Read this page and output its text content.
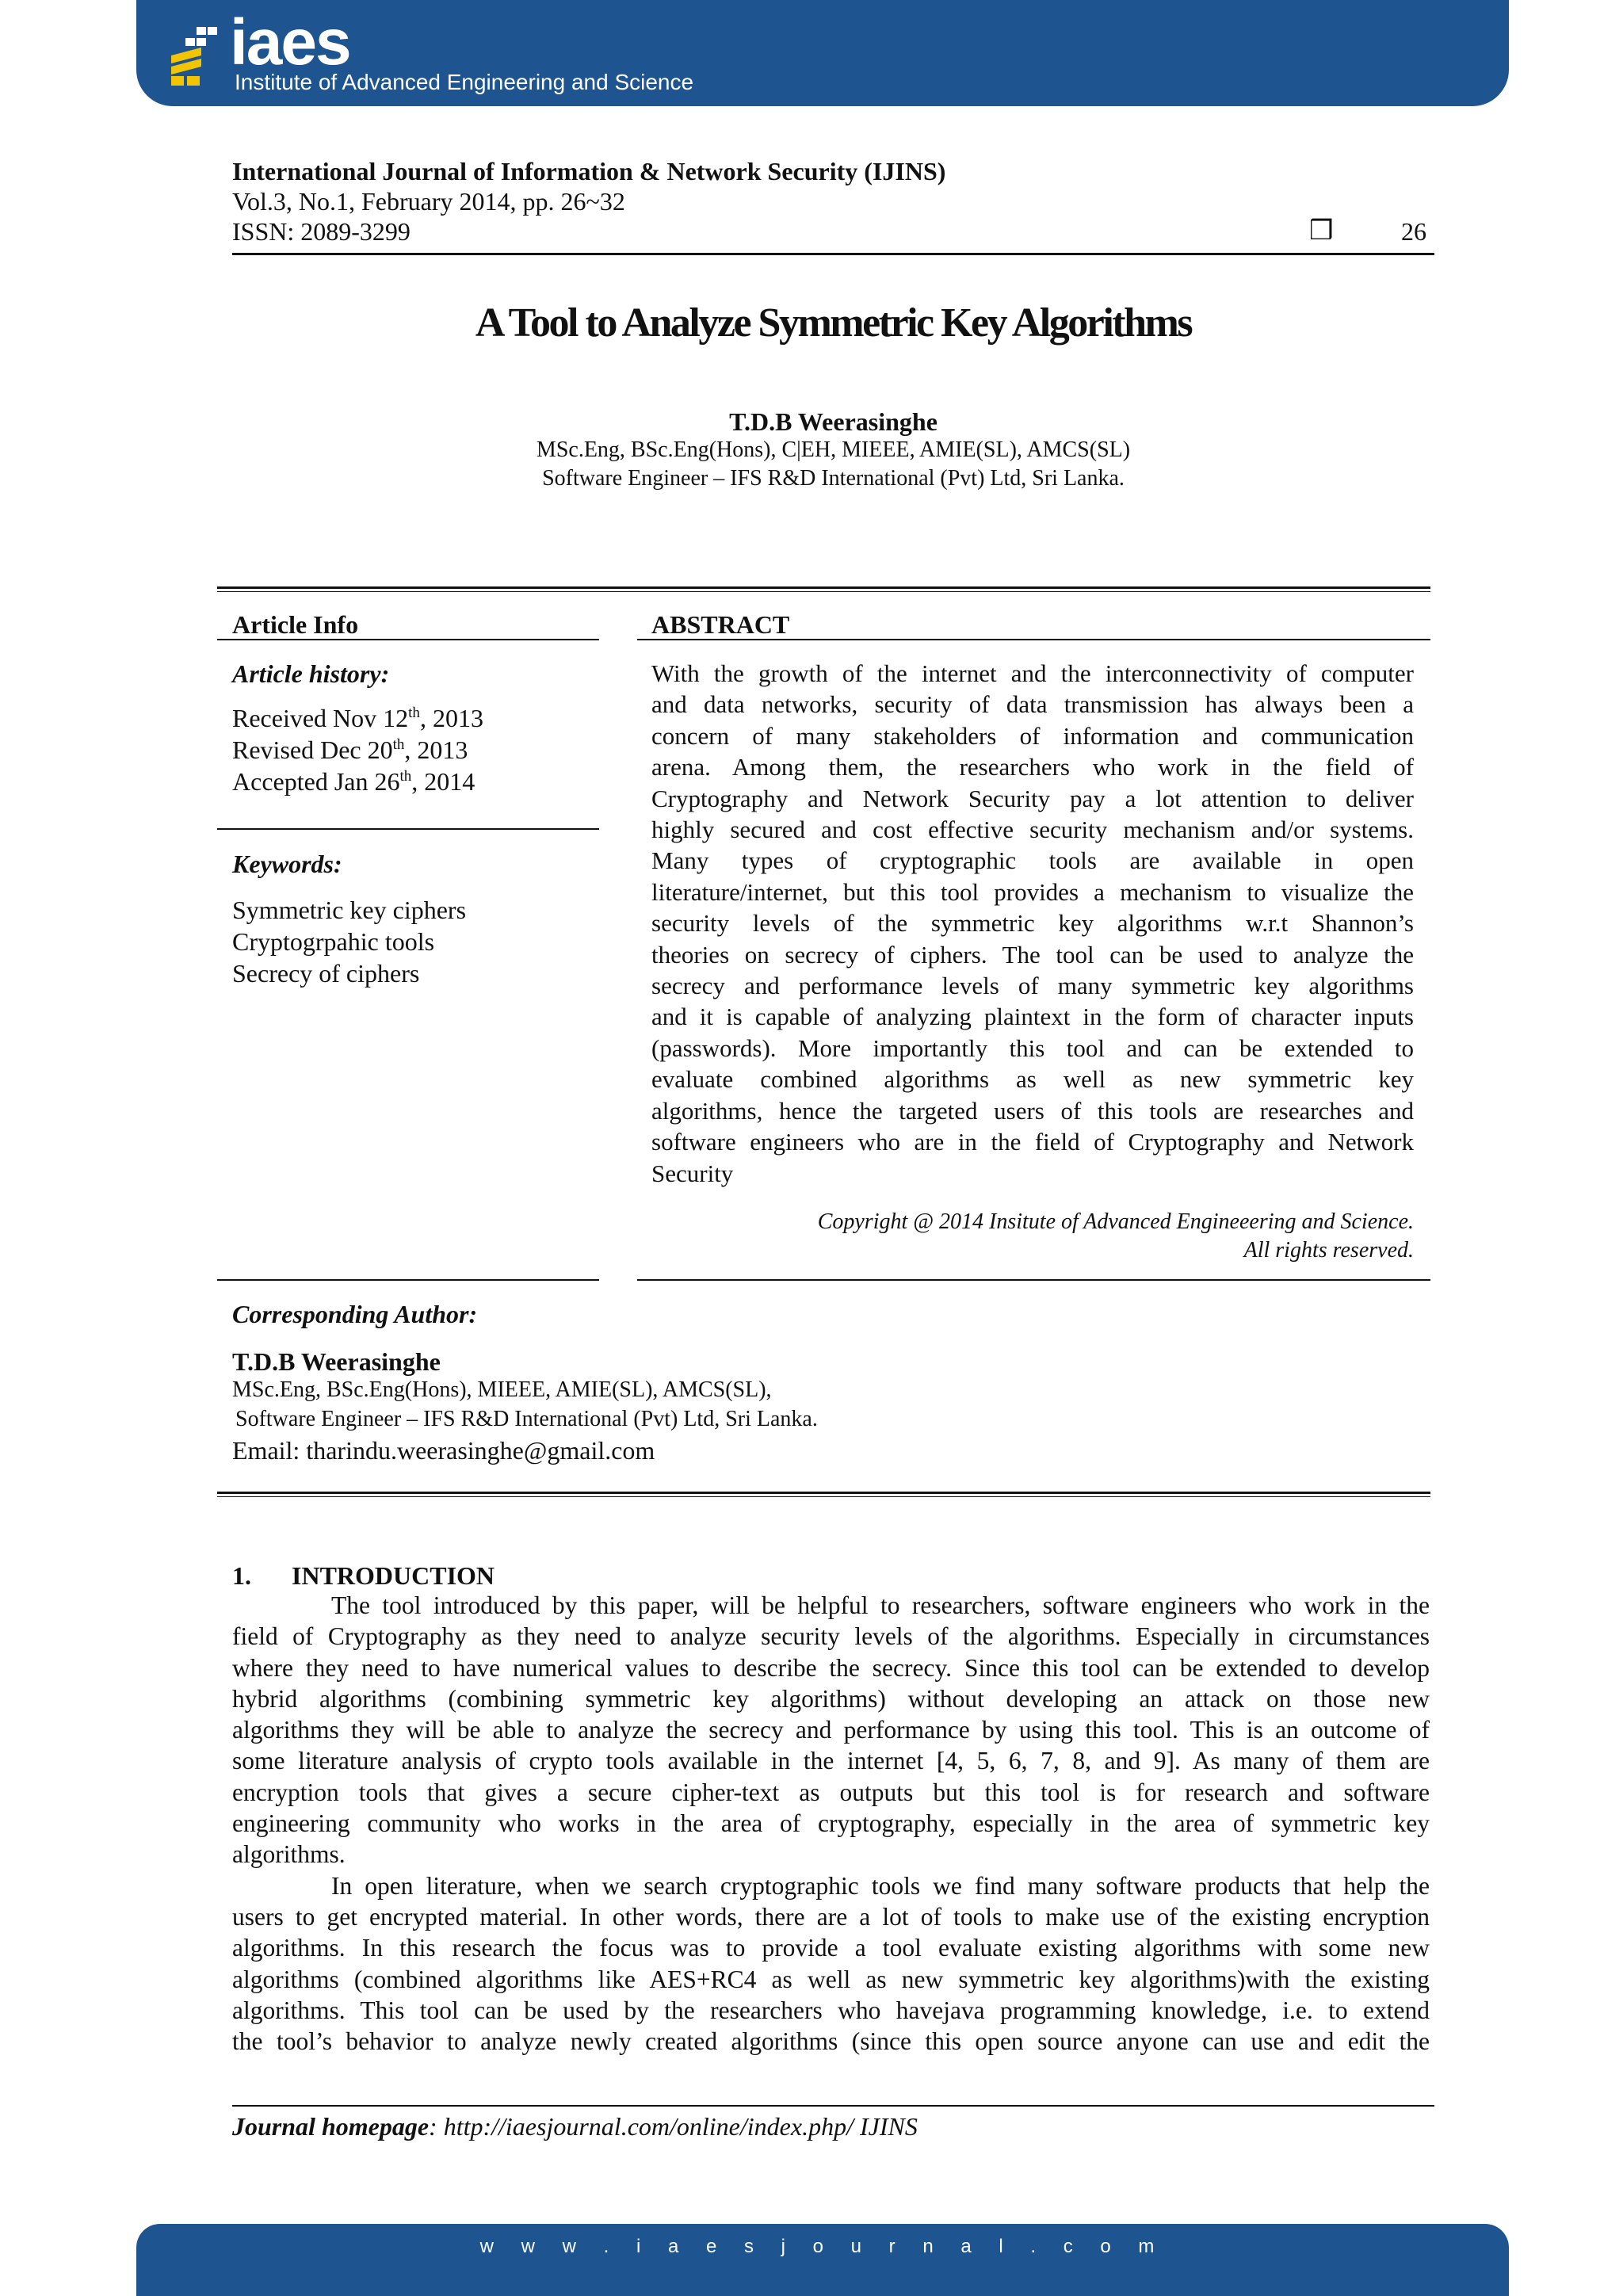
iaes
Institute of Advanced Engineering and Science
International Journal of Information & Network Security (IJINS)
Vol.3, No.1, February 2014, pp. 26~32
ISSN: 2089-3299	❒	26
A Tool to Analyze Symmetric Key Algorithms
T.D.B Weerasinghe
MSc.Eng, BSc.Eng(Hons), C|EH, MIEEE, AMIE(SL), AMCS(SL)
Software Engineer – IFS R&D International (Pvt) Ltd, Sri Lanka.
Article Info	ABSTRACT
Article history:
Received Nov 12th, 2013
Revised Dec 20th, 2013
Accepted Jan 26th, 2014
Keywords:
Symmetric key ciphers
Cryptogrpahic tools
Secrecy of ciphers
With the growth of the internet and the interconnectivity of computer
and data networks, security of data transmission has always been a
concern of many stakeholders of information and communication
arena. Among them, the researchers who work in the field of
Cryptography and Network Security pay a lot attention to deliver
highly secured and cost effective security mechanism and/or systems.
Many types of cryptographic tools are available in open
literature/internet, but this tool provides a mechanism to visualize the
security levels of the symmetric key algorithms w.r.t Shannon’s
theories on secrecy of ciphers. The tool can be used to analyze the
secrecy and performance levels of many symmetric key algorithms
and it is capable of analyzing plaintext in the form of character inputs
(passwords). More importantly this tool and can be extended to
evaluate combined algorithms as well as new symmetric key
algorithms, hence the targeted users of this tools are researches and
software engineers who are in the field of Cryptography and Network
Security
Copyright @ 2014 Insitute of Advanced Engineeering and Science.
All rights reserved.
Corresponding Author:
T.D.B Weerasinghe
MSc.Eng, BSc.Eng(Hons), MIEEE, AMIE(SL), AMCS(SL),
Software Engineer – IFS R&D International (Pvt) Ltd, Sri Lanka.
Email: tharindu.weerasinghe@gmail.com
1. INTRODUCTION
The tool introduced by this paper, will be helpful to researchers, software engineers who work in the
field of Cryptography as they need to analyze security levels of the algorithms. Especially in circumstances
where they need to have numerical values to describe the secrecy. Since this tool can be extended to develop
hybrid algorithms (combining symmetric key algorithms) without developing an attack on those new
algorithms they will be able to analyze the secrecy and performance by using this tool. This is an outcome of
some literature analysis of crypto tools available in the internet [4, 5, 6, 7, 8, and 9]. As many of them are
encryption tools that gives a secure cipher-text as outputs but this tool is for research and software
engineering community who works in the area of cryptography, especially in the area of symmetric key
algorithms.
In open literature, when we search cryptographic tools we find many software products that help the
users to get encrypted material. In other words, there are a lot of tools to make use of the existing encryption
algorithms. In this research the focus was to provide a tool evaluate existing algorithms with some new
algorithms (combined algorithms like AES+RC4 as well as new symmetric key algorithms)with the existing
algorithms. This tool can be used by the researchers who havejava programming knowledge, i.e. to extend
the tool’s behavior to analyze newly created algorithms (since this open source anyone can use and edit the
Journal homepage: http://iaesjournal.com/online/index.php/ IJINS
w w w . i a e s j o u r n a l . c o m
